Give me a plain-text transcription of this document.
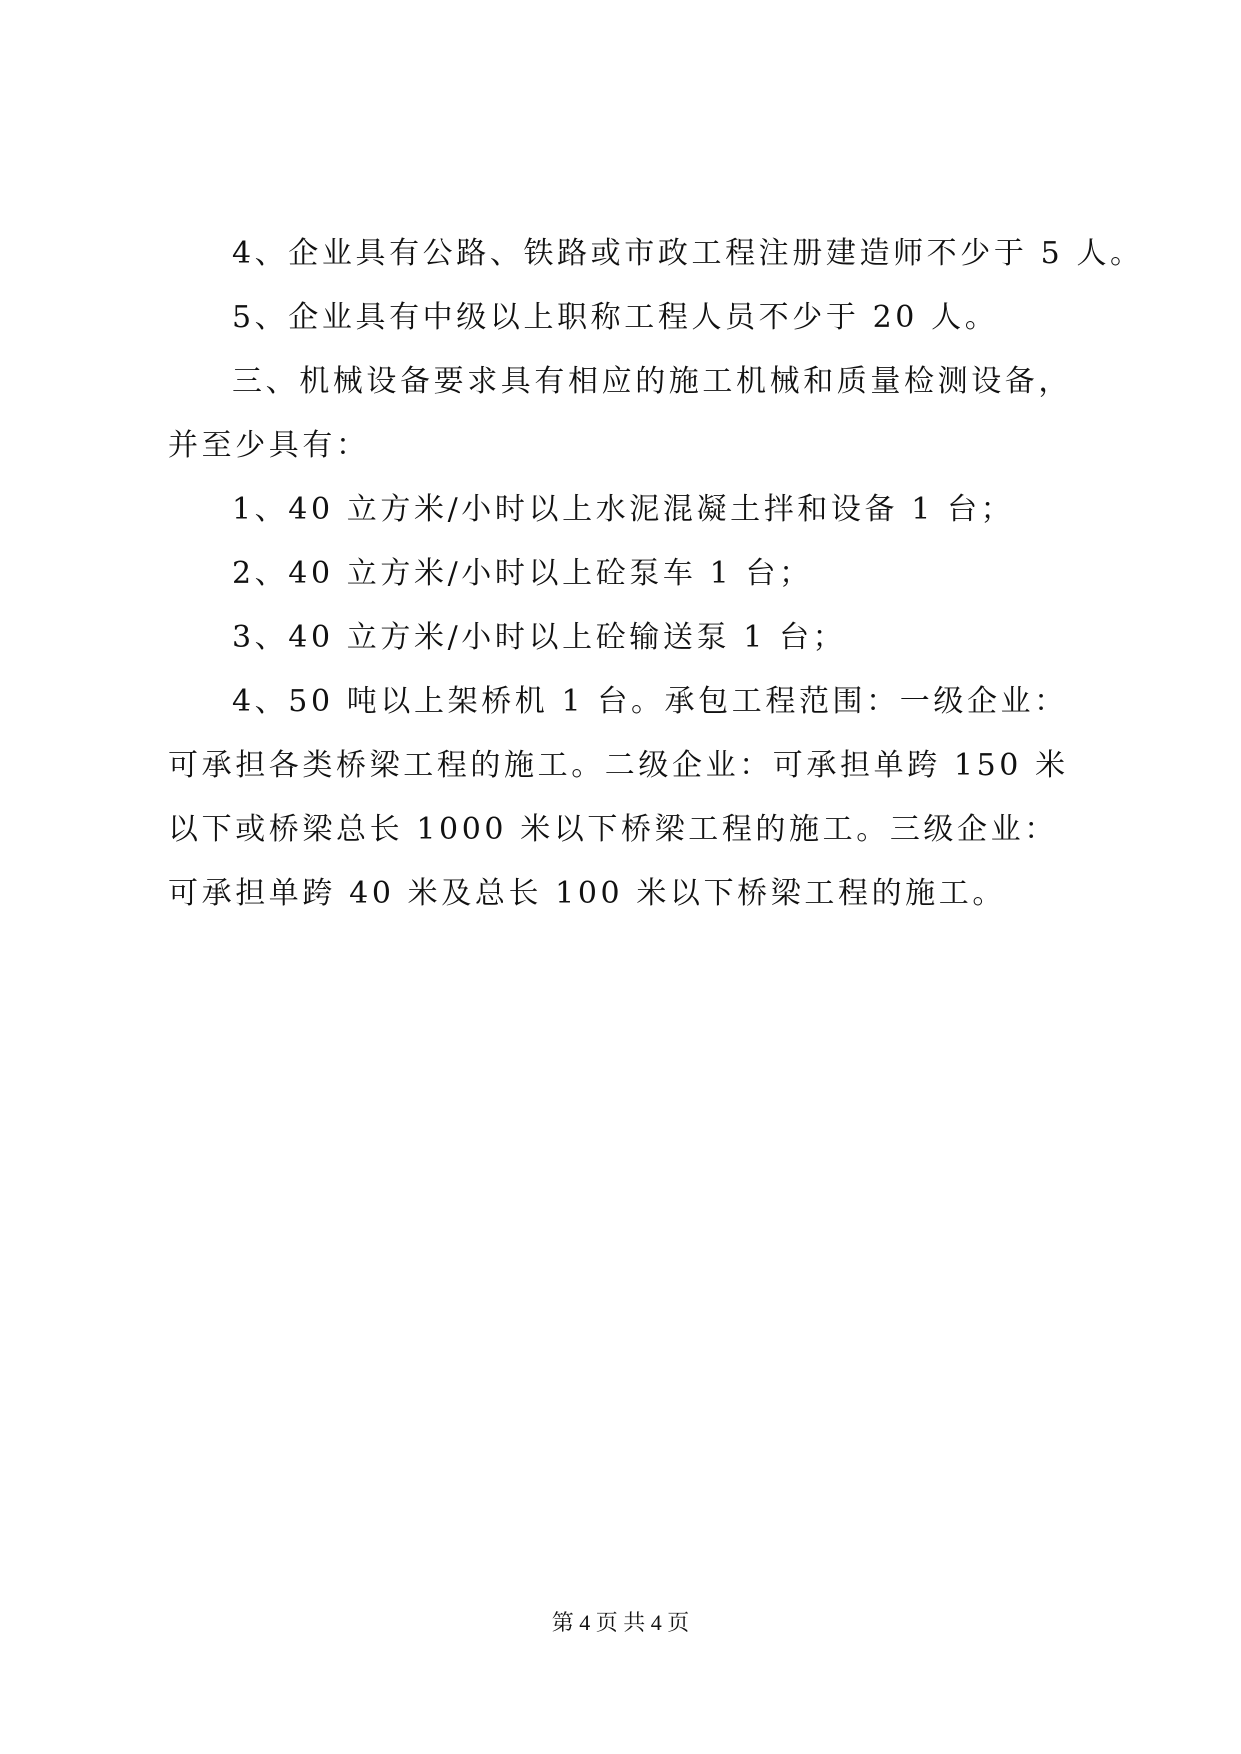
4、企业具有公路、铁路或市政工程注册建造师不少于 5 人。

5、企业具有中级以上职称工程人员不少于 20 人。

三、机械设备要求具有相应的施工机械和质量检测设备，并至少具有：

1、40 立方米/小时以上水泥混凝土拌和设备 1 台；

2、40 立方米/小时以上砼泵车 1 台；

3、40 立方米/小时以上砼输送泵 1 台；

4、50 吨以上架桥机 1 台。承包工程范围：一级企业：可承担各类桥梁工程的施工。二级企业：可承担单跨 150 米以下或桥梁总长 1000 米以下桥梁工程的施工。三级企业：可承担单跨 40 米及总长 100 米以下桥梁工程的施工。

第 4 页 共 4 页
